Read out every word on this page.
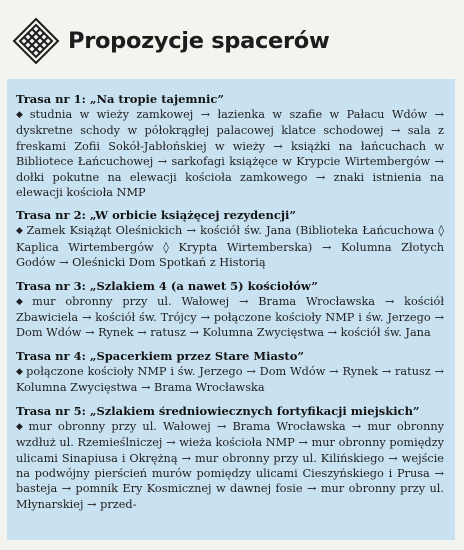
Propozycje spacerów
Trasa nr 1: „Na tropie tajemnic”
◆ studnia w wieży zamkowej → łazienka w szafie w Pałacu Wdów → dyskretne schody w półokrągłej palacowej klatce schodowej → sala z freskami Zofii Sokół-Jabłońskiej w wieży → książki na łańcuchach w Bibliotece Łańcuchowej → sarkofagi książęce w Krypcie Wirtembergów → dołki pokutne na elewacji kościoła zamkowego → znaki istnienia na elewacji kościoła NMP
Trasa nr 2: „W orbicie książęcej rezydencji”
◆ Zamek Książąt Oleśnickich → kościół św. Jana (Biblioteka Łańcuchowa ◊ Kaplica Wirtembergów ◊ Krypta Wirtemberska) → Kolumna Złotych Godów → Oleśnicki Dom Spotkań z Historią
Trasa nr 3: „Szlakiem 4 (a nawet 5) kościołów”
◆ mur obronny przy ul. Wałowej → Brama Wrocławska → kościół Zbawiciela → kościół św. Trójcy → połączone kościoły NMP i św. Jerzego → Dom Wdów → Rynek → ratusz → Kolumna Zwycięstwa → kościół św. Jana
Trasa nr 4: „Spacerkiem przez Stare Miasto”
◆ połączone kościoły NMP i św. Jerzego → Dom Wdów → Rynek → ratusz → Kolumna Zwycięstwa → Brama Wrocławska
Trasa nr 5: „Szlakiem średniowiecznych fortyfikacji miejskich”
◆ mur obronny przy ul. Wałowej → Brama Wrocławska → mur obronny wzdłuż ul. Rzemieślniczej → wieża kościoła NMP → mur obronny pomiędzy ulicami Sinapiusa i Okrężną → mur obronny przy ul. Kilińskiego → wejście na podwójny pierścień murów pomiędzy ulicami Cieszyńskiego i Prusa → basteja → pomnik Ery Kosmicznej w dawnej fosie → mur obronny przy ul. Młynarskiej → przed-
